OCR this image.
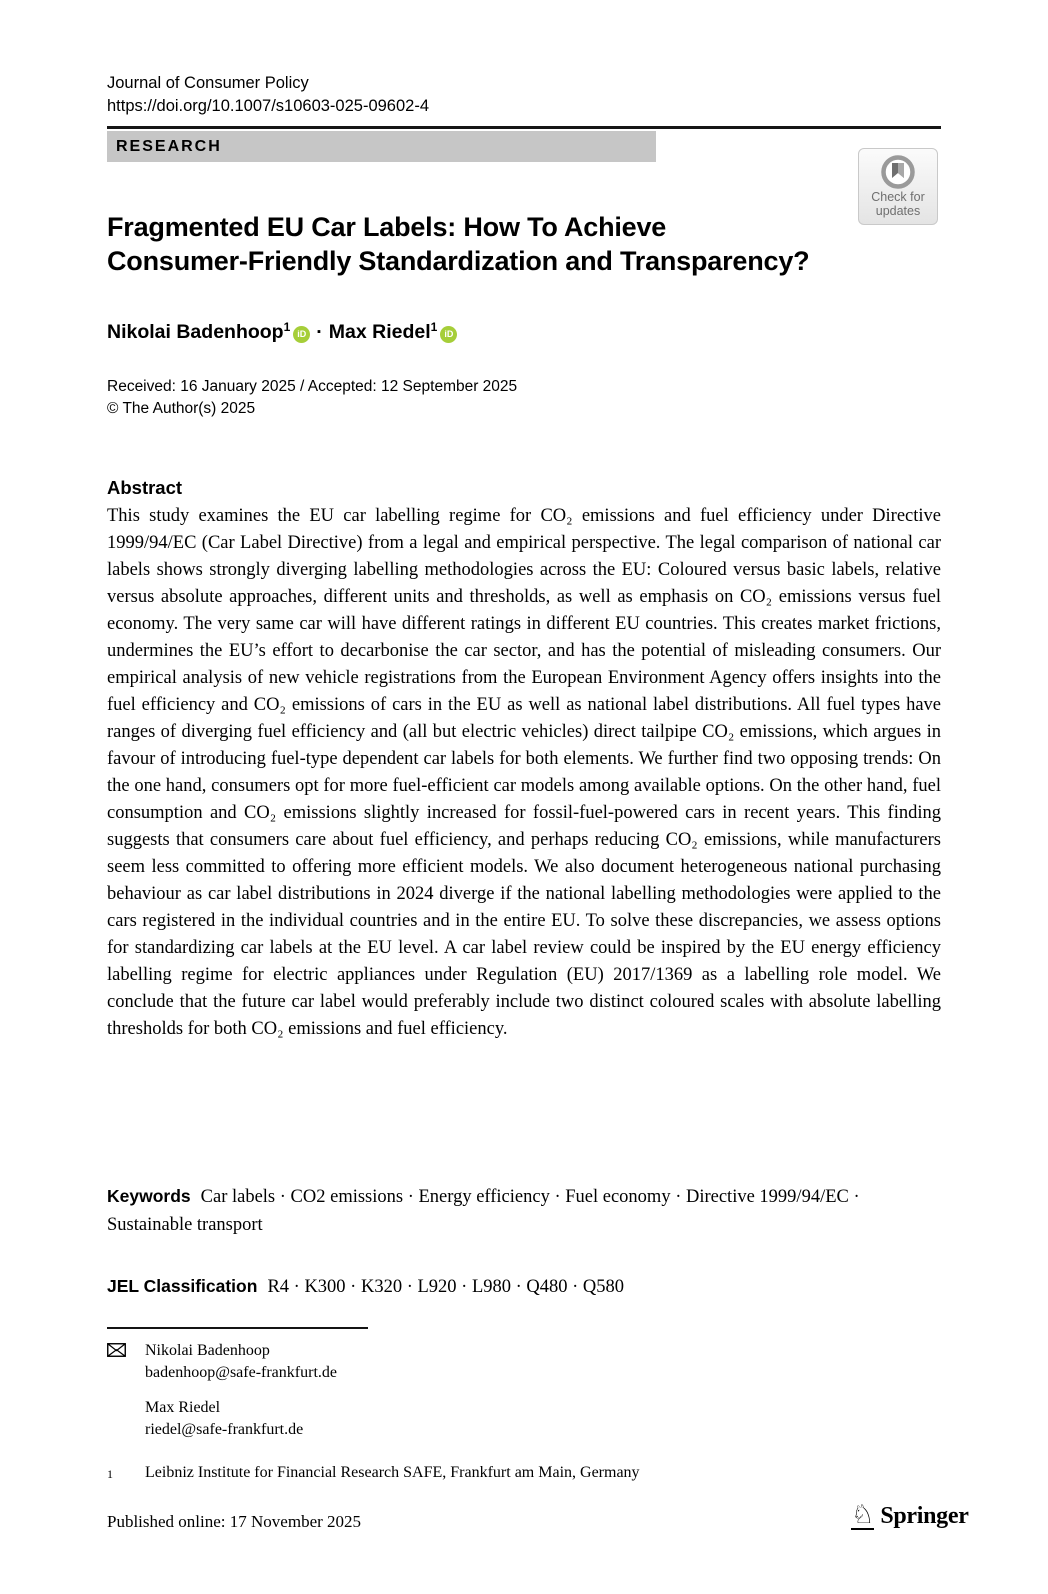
Journal of Consumer Policy
https://doi.org/10.1007/s10603-025-09602-4
RESEARCH
Check for
updates
Fragmented EU Car Labels: How To Achieve
Consumer-Friendly Standardization and Transparency?
Nikolai Badenhoop$^1$ iD · Max Riedel$^1$ iD
Received: 16 January 2025 / Accepted: 12 September 2025
© The Author(s) 2025
Abstract
This study examines the EU car labelling regime for CO₂ emissions and fuel efficiency under Directive 1999/94/EC (Car Label Directive) from a legal and empirical perspective. The legal comparison of national car labels shows strongly diverging labelling methodologies across the EU: Coloured versus basic labels, relative versus absolute approaches, different units and thresholds, as well as emphasis on CO₂ emissions versus fuel economy. The very same car will have different ratings in different EU countries. This creates market frictions, undermines the EU’s effort to decarbonise the car sector, and has the potential of misleading consumers. Our empirical analysis of new vehicle registrations from the European Environment Agency offers insights into the fuel efficiency and CO₂ emissions of cars in the EU as well as national label distributions. All fuel types have ranges of diverging fuel efficiency and (all but electric vehicles) direct tailpipe CO₂ emissions, which argues in favour of introducing fuel-type dependent car labels for both elements. We further find two opposing trends: On the one hand, consumers opt for more fuel-efficient car models among available options. On the other hand, fuel consumption and CO₂ emissions slightly increased for fossil-fuel-powered cars in recent years. This finding suggests that consumers care about fuel efficiency, and perhaps reducing CO₂ emissions, while manufacturers seem less committed to offering more efficient models. We also document heterogeneous national purchasing behaviour as car label distributions in 2024 diverge if the national labelling methodologies were applied to the cars registered in the individual countries and in the entire EU. To solve these discrepancies, we assess options for standardizing car labels at the EU level. A car label review could be inspired by the EU energy efficiency labelling regime for electric appliances under Regulation (EU) 2017/1369 as a labelling role model. We conclude that the future car label would preferably include two distinct coloured scales with absolute labelling thresholds for both CO₂ emissions and fuel efficiency.
Keywords Car labels · CO2 emissions · Energy efficiency · Fuel economy · Directive 1999/94/EC · Sustainable transport
JEL Classification R4 · K300 · K320 · L920 · L980 · Q480 · Q580
Nikolai Badenhoop
badenhoop@safe-frankfurt.de
Max Riedel
riedel@safe-frankfurt.de
1	Leibniz Institute for Financial Research SAFE, Frankfurt am Main, Germany
Published online: 17 November 2025	♘ Springer
